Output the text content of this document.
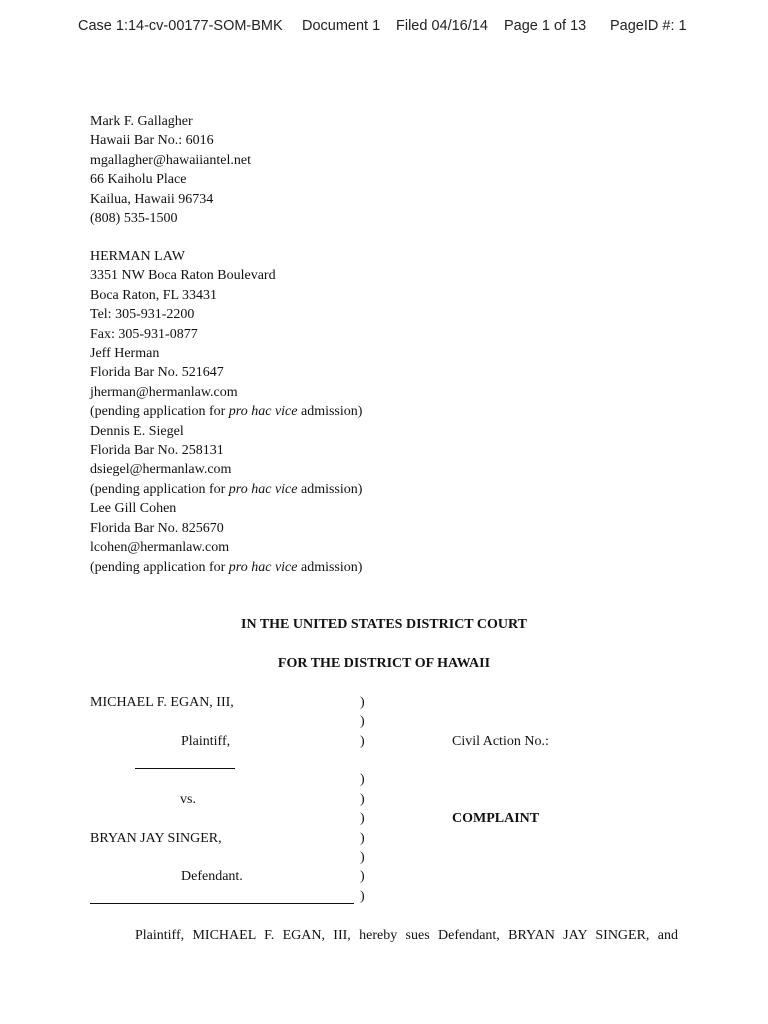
Case 1:14-cv-00177-SOM-BMK Document 1 Filed 04/16/14 Page 1 of 13 PageID #: 1
Mark F. Gallagher
Hawaii Bar No.: 6016
mgallagher@hawaiiantel.net
66 Kaiholu Place
Kailua, Hawaii 96734
(808) 535-1500
HERMAN LAW
3351 NW Boca Raton Boulevard
Boca Raton, FL 33431
Tel: 305-931-2200
Fax: 305-931-0877
Jeff Herman
Florida Bar No. 521647
jherman@hermanlaw.com
(pending application for pro hac vice admission)
Dennis E. Siegel
Florida Bar No. 258131
dsiegel@hermanlaw.com
(pending application for pro hac vice admission)
Lee Gill Cohen
Florida Bar No. 825670
lcohen@hermanlaw.com
(pending application for pro hac vice admission)
IN THE UNITED STATES DISTRICT COURT
FOR THE DISTRICT OF HAWAII
MICHAEL F. EGAN, III,
Plaintiff,
vs.
BRYAN JAY SINGER,
Defendant.
)
)
)
)
)
)
)
)
)
)
Civil Action No.:
COMPLAINT
Plaintiff, MICHAEL F. EGAN, III, hereby sues Defendant, BRYAN JAY SINGER, and
